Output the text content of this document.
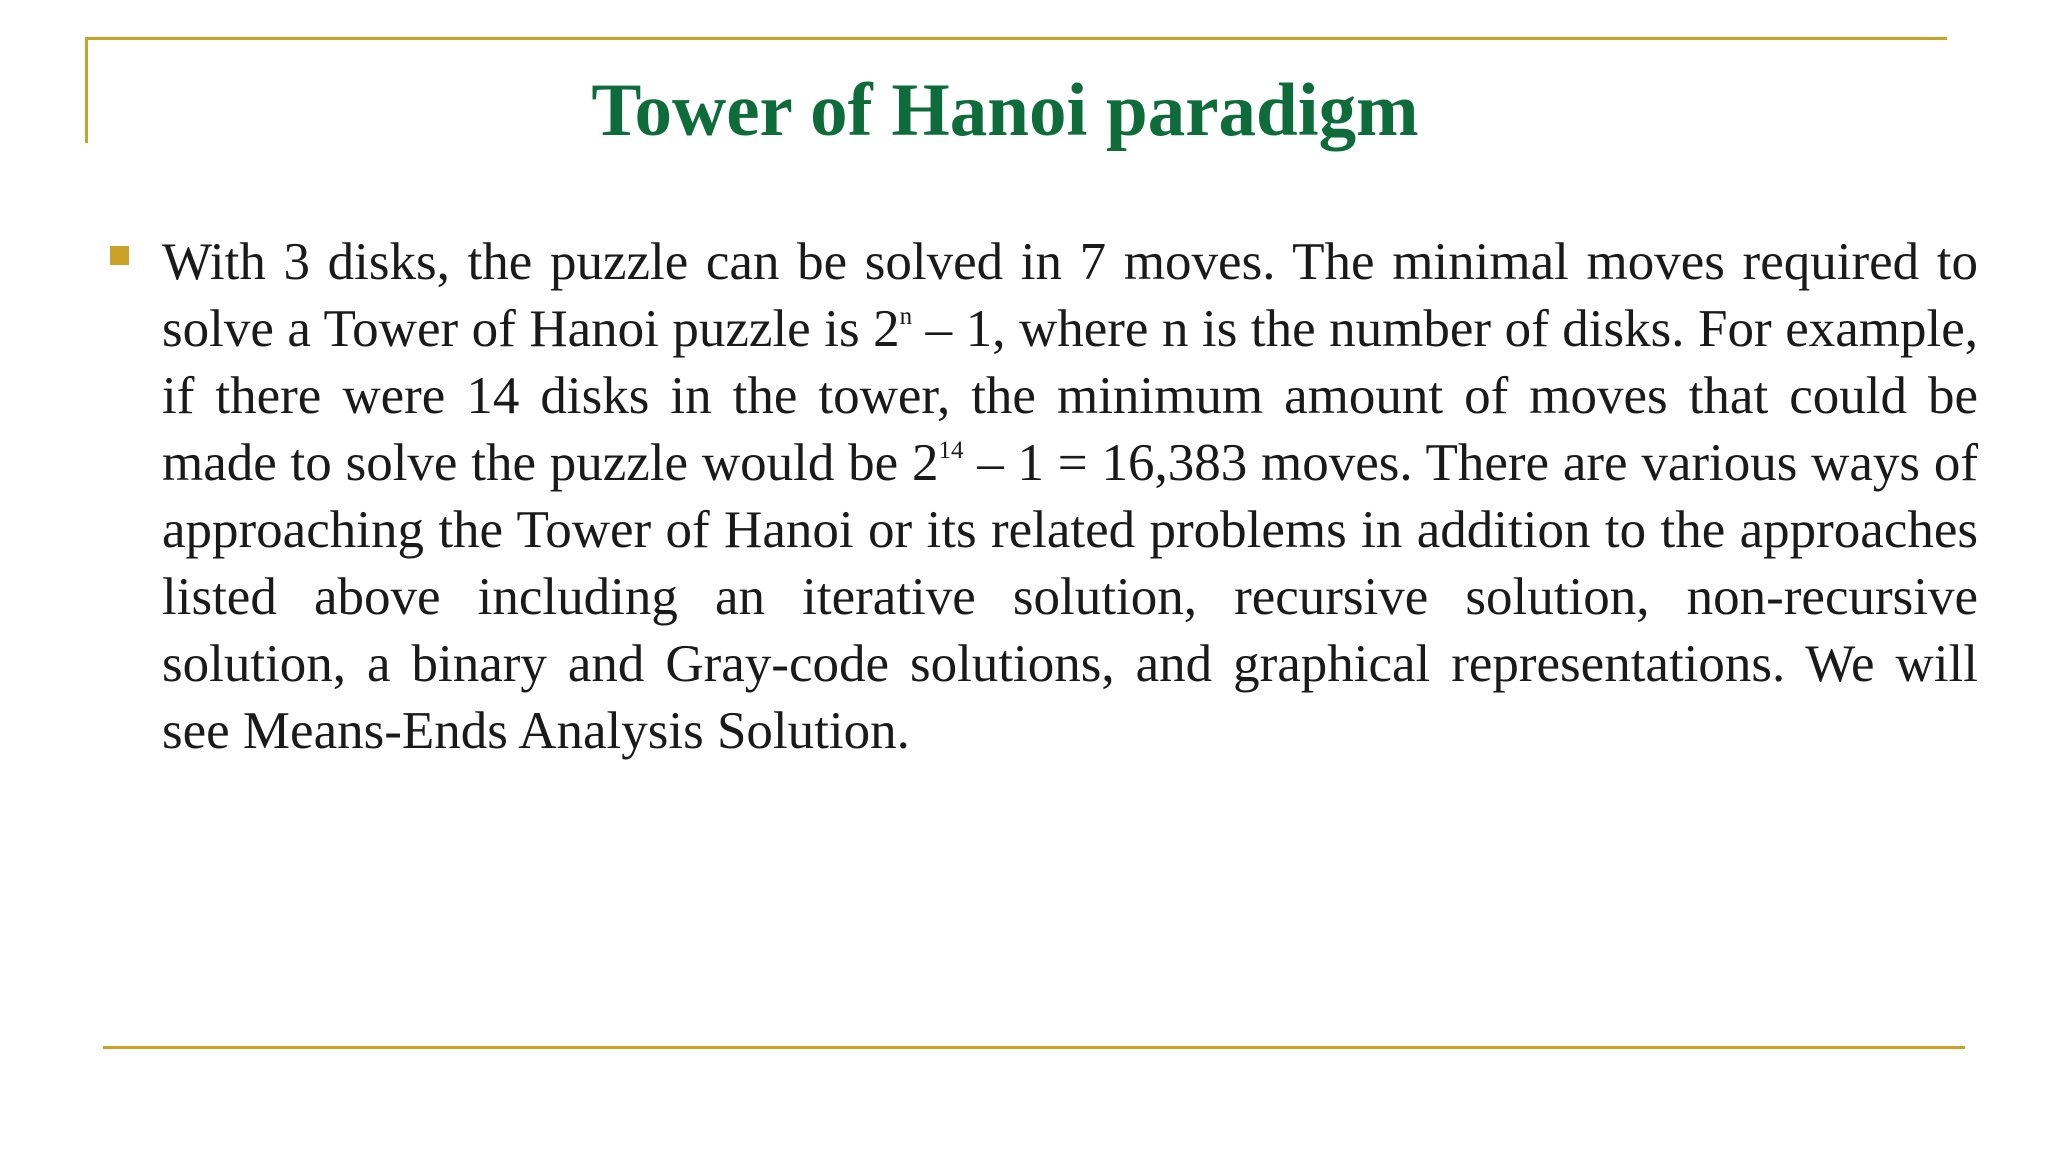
Tower of Hanoi paradigm

With 3 disks, the puzzle can be solved in 7 moves. The minimal moves required to solve a Tower of Hanoi puzzle is 2$^n$ – 1, where n is the number of disks. For example, if there were 14 disks in the tower, the minimum amount of moves that could be made to solve the puzzle would be $2^{14} - 1 = 16,383$ moves. There are various ways of approaching the Tower of Hanoi or its related problems in addition to the approaches listed above including an iterative solution, recursive solution, non-recursive solution, a binary and Gray-code solutions, and graphical representations. We will see Means-Ends Analysis Solution.
